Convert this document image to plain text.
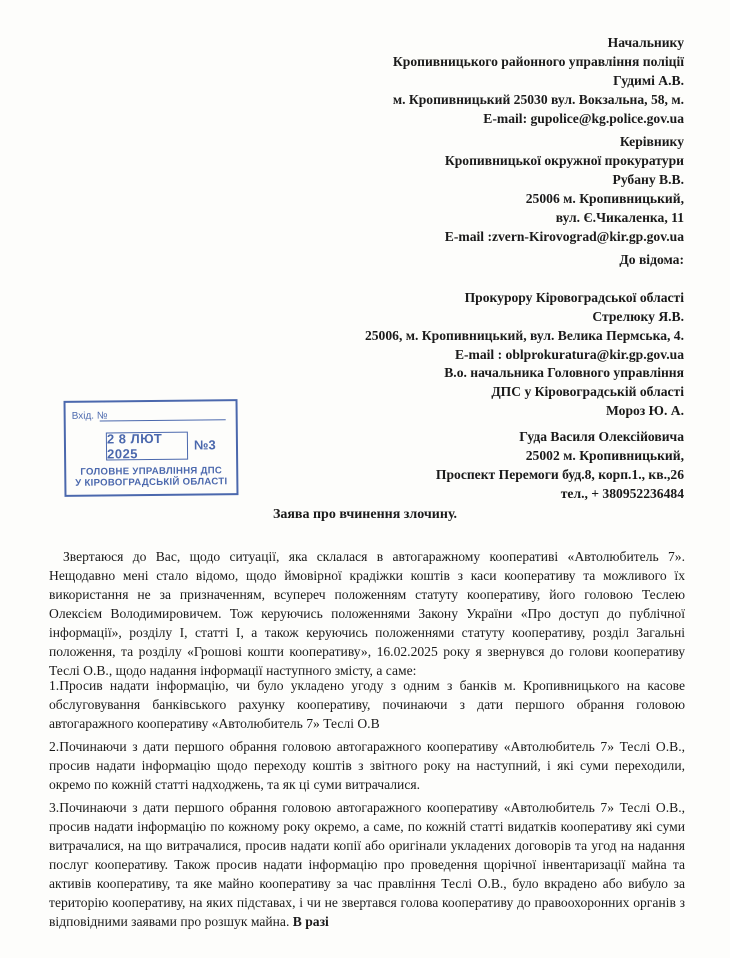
Начальнику
Кропивницького районного управління поліції
Гудимі А.В.
м. Кропивницький 25030 вул. Вокзальна, 58, м.
E-mail: gupolice@kg.police.gov.ua
Керівнику
Кропивницької окружної прокуратури
Рубану В.В.
25006 м. Кропивницький,
вул. Є.Чикаленка, 11
E-mail :zvern-Kirovograd@kir.gp.gov.ua
До відома:
Прокурору Кіровоградської області
Стрелюку Я.В.
25006, м. Кропивницький, вул. Велика Пермська, 4.
E-mail : oblprokuratura@kir.gp.gov.ua
В.о. начальника Головного управління
ДПС у Кіровоградській області
Мороз Ю. А.
Вхід. №
2 8 ЛЮТ 2025
№3
ГОЛОВНЕ УПРАВЛІННЯ ДПС
У КІРОВОГРАДСЬКІЙ ОБЛАСТІ
Гуда Василя Олексійовича
25002 м. Кропивницький,
Проспект Перемоги буд.8, корп.1., кв.,26
тел., + 380952236484
Заява про вчинення злочину.
Звертаюся до Вас, щодо ситуації, яка склалася в автогаражному кооперативі «Автолюбитель 7». Нещодавно мені стало відомо, щодо ймовірної крадіжки коштів з каси кооперативу та можливого їх використання не за призначенням, всупереч положенням статуту кооперативу, його головою Теслею Олексієм Володимировичем. Тож керуючись положеннями Закону України «Про доступ до публічної інформації», розділу I, статті I, а також керуючись положеннями статуту кооперативу, розділ Загальні положення, та розділу «Грошові кошти кооперативу», 16.02.2025 року я звернувся до голови кооперативу Теслі О.В., щодо надання інформації наступного змісту, а саме:
1.Просив надати інформацію, чи було укладено угоду з одним з банків м. Кропивницького на касове обслуговування банківського рахунку кооперативу, починаючи з дати першого обрання головою автогаражного кооперативу «Автолюбитель 7» Теслі О.В
2.Починаючи з дати першого обрання головою автогаражного кооперативу «Автолюбитель 7» Теслі О.В., просив надати інформацію щодо переходу коштів з звітного року на наступний, і які суми переходили, окремо по кожній статті надходжень, та як ці суми витрачалися.
3.Починаючи з дати першого обрання головою автогаражного кооперативу «Автолюбитель 7» Теслі О.В., просив надати інформацію по кожному року окремо, а саме, по кожній статті видатків кооперативу які суми витрачалися, на що витрачалися, просив надати копії або оригінали укладених договорів та угод на надання послуг кооперативу. Також просив надати інформацію про проведення щорічної інвентаризації майна та активів кооперативу, та яке майно кооперативу за час правління Теслі О.В., було вкрадено або вибуло за територію кооперативу, на яких підставах, і чи не звертався голова кооперативу до правоохоронних органів з відповідними заявами про розшук майна. В разі
